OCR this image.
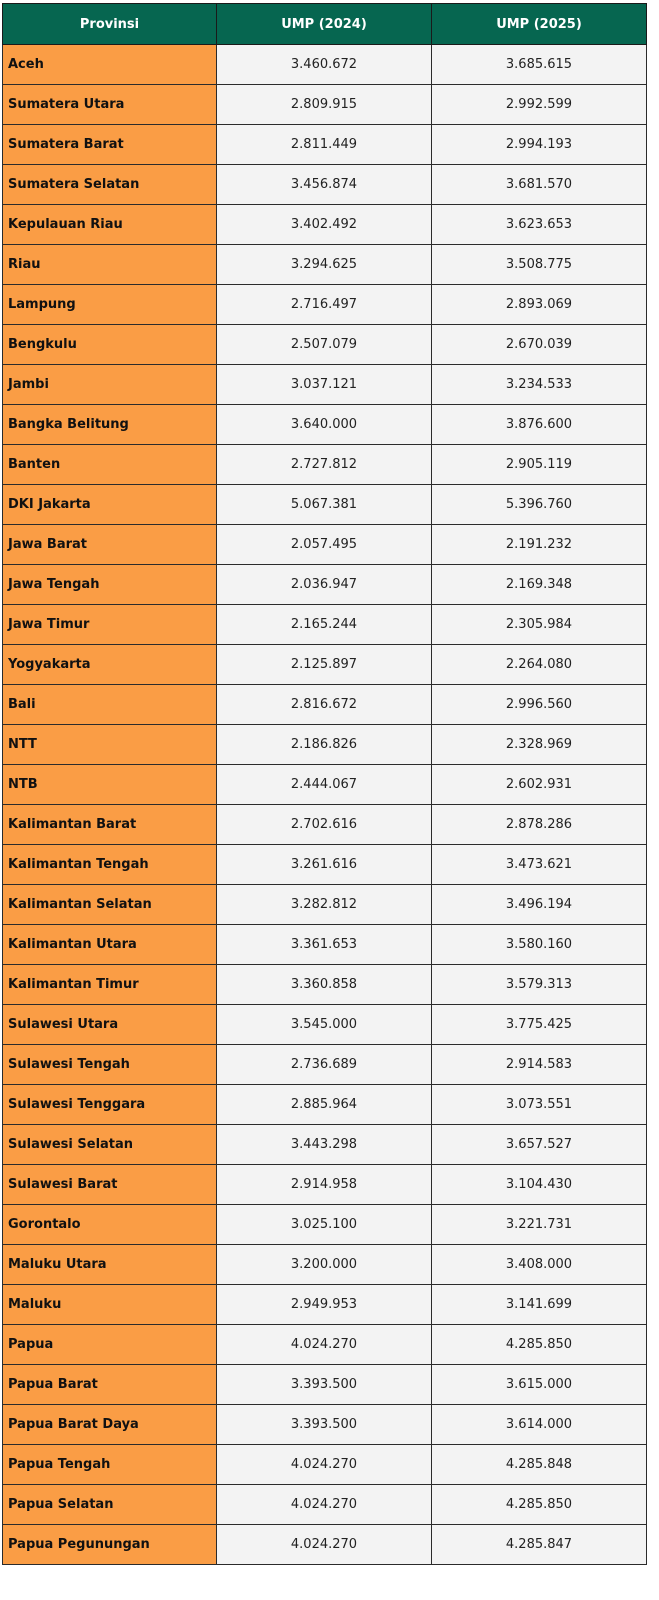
Provinsi	UMP (2024)	UMP (2025)
Aceh	3.460.672	3.685.615
Sumatera Utara	2.809.915	2.992.599
Sumatera Barat	2.811.449	2.994.193
Sumatera Selatan	3.456.874	3.681.570
Kepulauan Riau	3.402.492	3.623.653
Riau	3.294.625	3.508.775
Lampung	2.716.497	2.893.069
Bengkulu	2.507.079	2.670.039
Jambi	3.037.121	3.234.533
Bangka Belitung	3.640.000	3.876.600
Banten	2.727.812	2.905.119
DKI Jakarta	5.067.381	5.396.760
Jawa Barat	2.057.495	2.191.232
Jawa Tengah	2.036.947	2.169.348
Jawa Timur	2.165.244	2.305.984
Yogyakarta	2.125.897	2.264.080
Bali	2.816.672	2.996.560
NTT	2.186.826	2.328.969
NTB	2.444.067	2.602.931
Kalimantan Barat	2.702.616	2.878.286
Kalimantan Tengah	3.261.616	3.473.621
Kalimantan Selatan	3.282.812	3.496.194
Kalimantan Utara	3.361.653	3.580.160
Kalimantan Timur	3.360.858	3.579.313
Sulawesi Utara	3.545.000	3.775.425
Sulawesi Tengah	2.736.689	2.914.583
Sulawesi Tenggara	2.885.964	3.073.551
Sulawesi Selatan	3.443.298	3.657.527
Sulawesi Barat	2.914.958	3.104.430
Gorontalo	3.025.100	3.221.731
Maluku Utara	3.200.000	3.408.000
Maluku	2.949.953	3.141.699
Papua	4.024.270	4.285.850
Papua Barat	3.393.500	3.615.000
Papua Barat Daya	3.393.500	3.614.000
Papua Tengah	4.024.270	4.285.848
Papua Selatan	4.024.270	4.285.850
Papua Pegunungan	4.024.270	4.285.847
